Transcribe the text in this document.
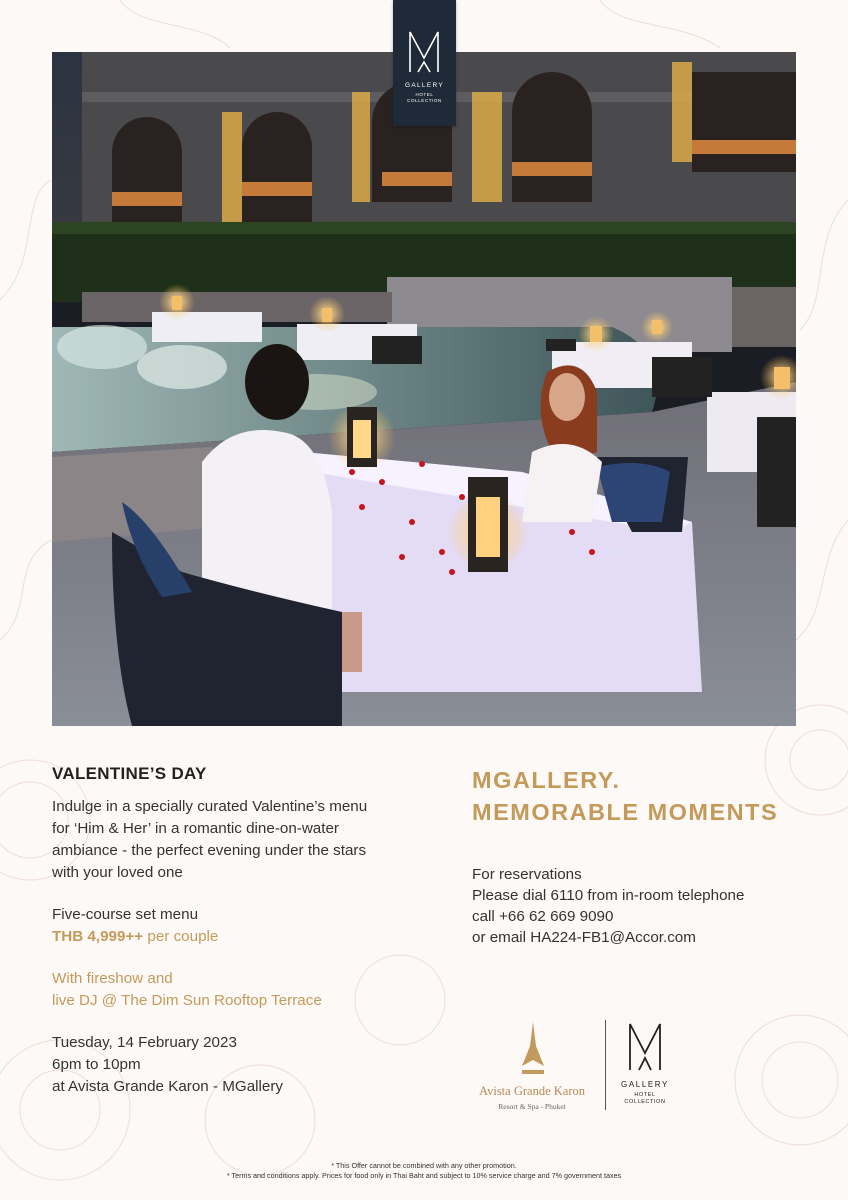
GALLERY
HOTEL
COLLECTION
VALENTINE’S DAY
Indulge in a specially curated Valentine’s menu
for ‘Him & Her’ in a romantic dine-on-water
ambiance - the perfect evening under the stars
with your loved one
Five-course set menu
THB 4,999++ per couple
With fireshow and
live DJ @ The Dim Sun Rooftop Terrace
Tuesday, 14 February 2023
6pm to 10pm
at Avista Grande Karon - MGallery
MGALLERY.
MEMORABLE MOMENTS
For reservations
Please dial 6110 from in-room telephone
call +66 62 669 9090
or email HA224-FB1@Accor.com
Avista Grande Karon
Resort & Spa - Phuket
GALLERY
HOTEL
COLLECTION
* This Offer cannot be combined with any other promotion.
* Terms and conditions apply. Prices for food only in Thai Baht and subject to 10% service charge and 7% government taxes
